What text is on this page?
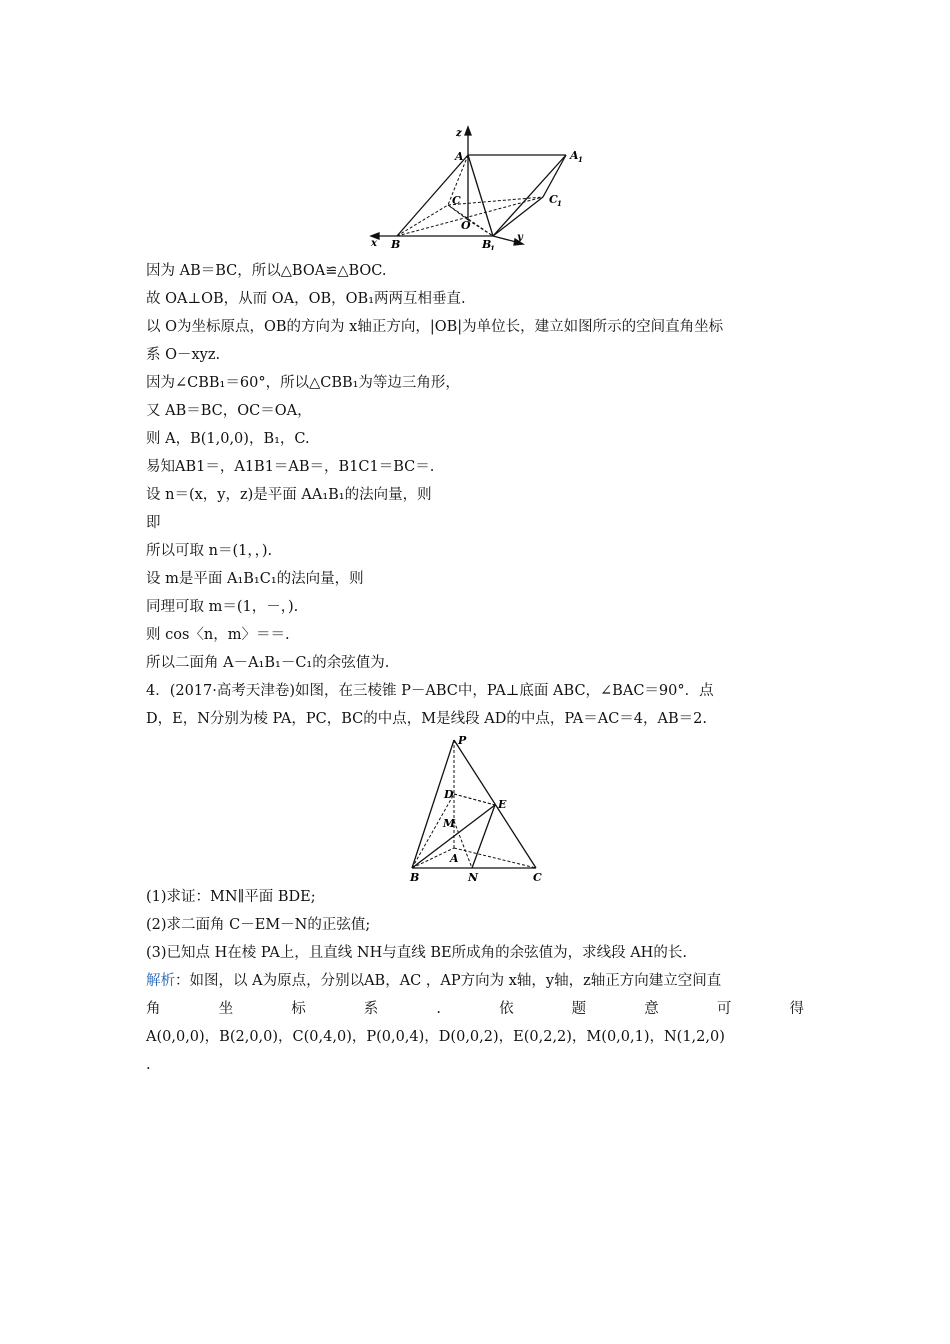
z
A	A 1
C	C 1
O
x B	B
1
y
因为 AB＝BC，所以△BOA≌△BOC.
故 OA⊥OB，从而 OA，OB，OB₁两两互相垂直.
以 O为坐标原点，OB的方向为 x轴正方向，|OB|为单位长，建立如图所示的空间直角坐标
系 O－xyz.
因为∠CBB₁＝60°，所以△CBB₁为等边三角形，
又 AB＝BC，OC＝OA，
则 A，B(1,0,0)，B₁，C.
易知AB1＝，A1B1＝AB＝，B1C1＝BC＝.
设 n＝(x，y，z)是平面 AA₁B₁的法向量，则
即
所以可取 n＝(1，，).
设 m是平面 A₁B₁C₁的法向量，则
同理可取 m＝(1，－，).
则 cos〈n，m〉＝＝.
所以二面角 A－A₁B₁－C₁的余弦值为.
4．(2017·高考天津卷)如图，在三棱锥 P－ABC中，PA⊥底面 ABC，∠BAC＝90°．点
D，E，N分别为棱 PA，PC，BC的中点，M是线段 AD的中点，PA＝AC＝4，AB＝2.
P
D
E
M
A
B	N	C
(1)求证：MN∥平面 BDE;
(2)求二面角 C－EM－N的正弦值;
(3)已知点 H在棱 PA上，且直线 NH与直线 BE所成角的余弦值为，求线段 AH的长.
解析：如图，以 A为原点，分别以AB，AC ，AP方向为 x轴，y轴，z轴正方向建立空间直
角	坐	标	系	.	依	题	意	可	得
A(0,0,0)，B(2,0,0)，C(0,4,0)，P(0,0,4)，D(0,0,2)，E(0,2,2)，M(0,0,1)，N(1,2,0)
.
